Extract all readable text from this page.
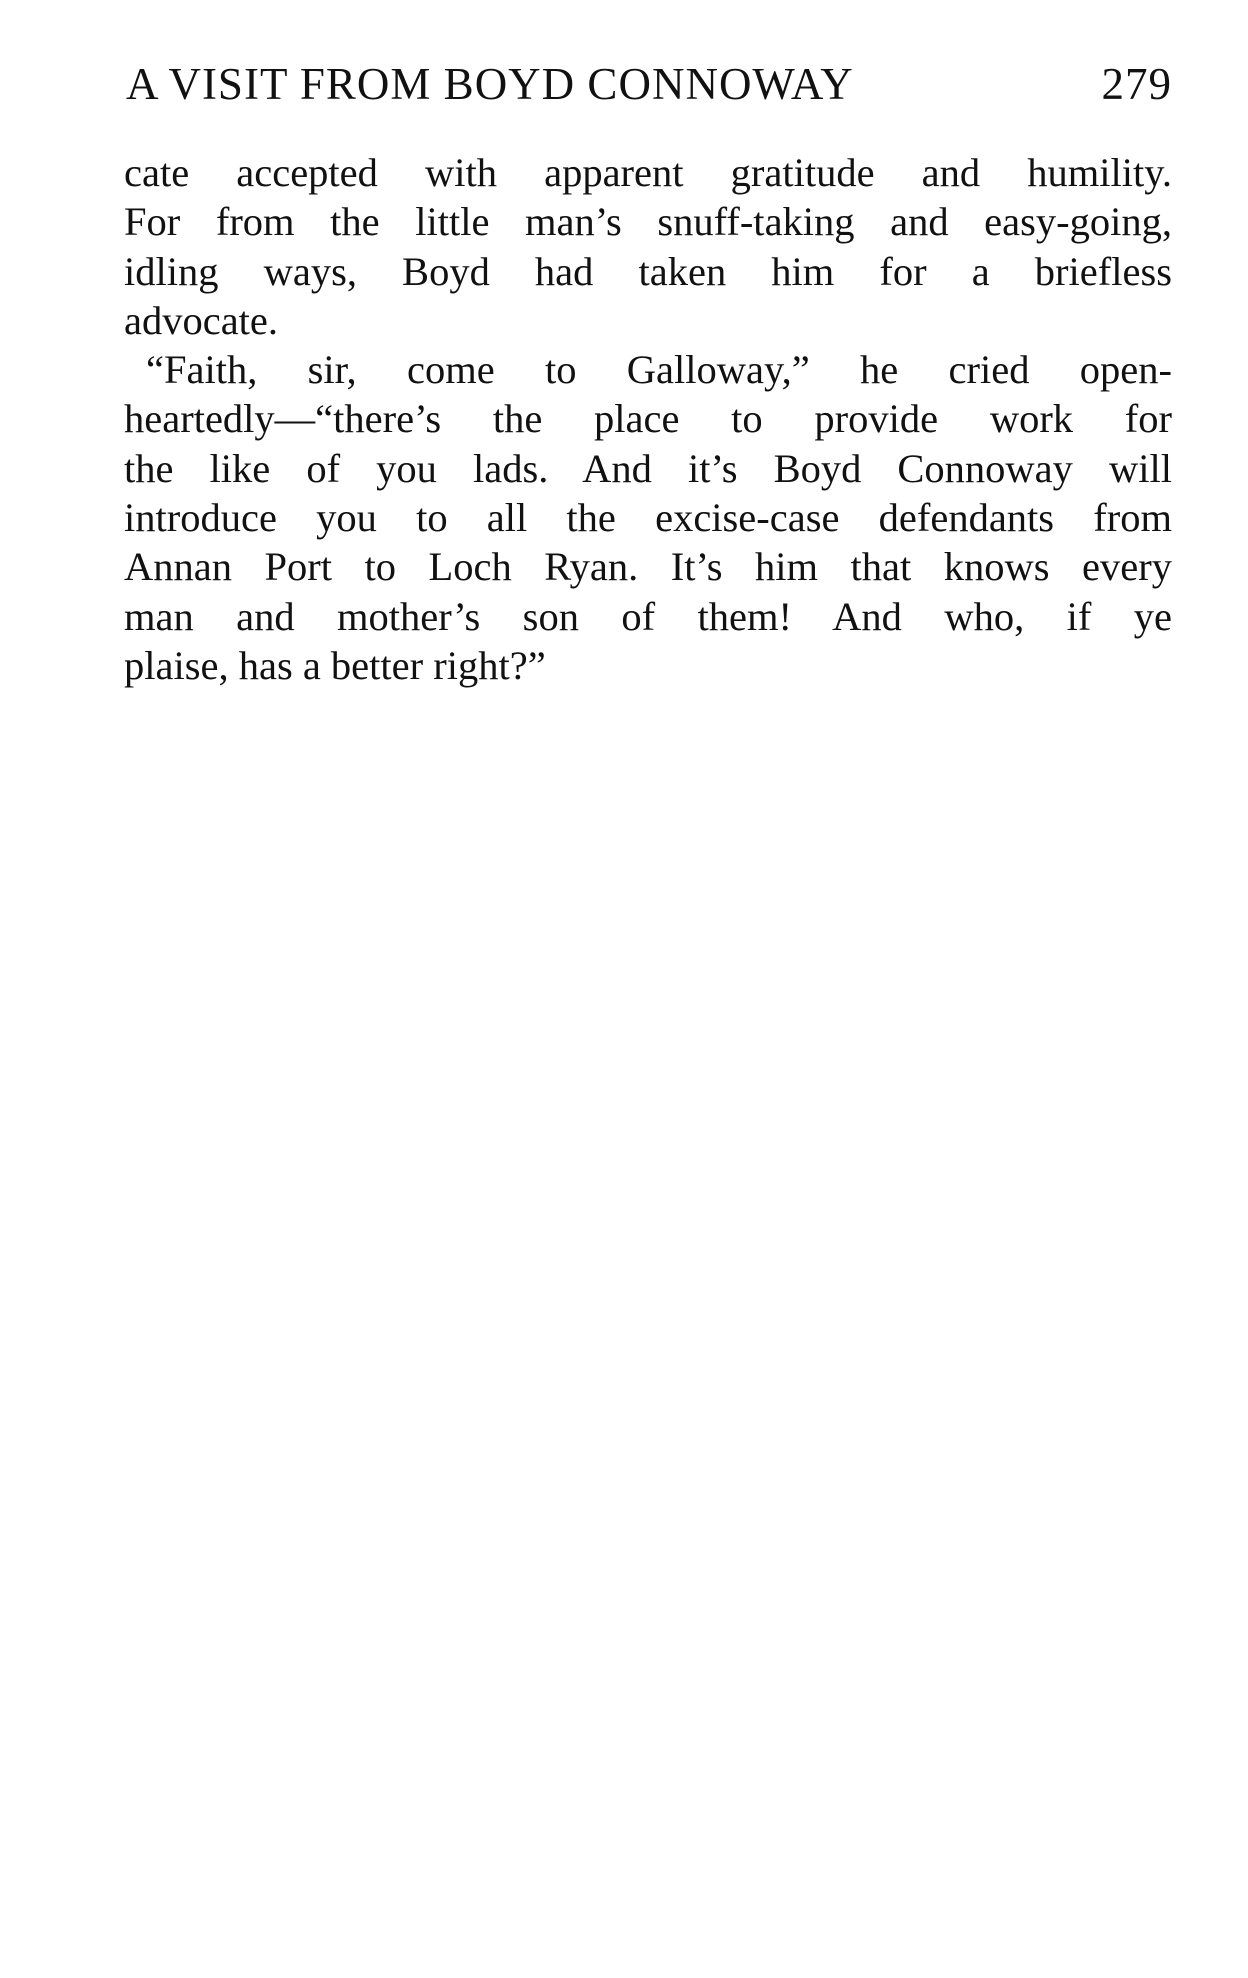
A VISIT FROM BOYD CONNOWAY	279
cate accepted with apparent gratitude and humility.
For from the little man’s snuff-taking and easy-going,
idling ways, Boyd had taken him for a briefless
advocate.
“Faith, sir, come to Galloway,” he cried open-
heartedly—“there’s the place to provide work for
the like of you lads. And it’s Boyd Connoway will
introduce you to all the excise-case defendants from
Annan Port to Loch Ryan. It’s him that knows every
man and mother’s son of them! And who, if ye
plaise, has a better right?”
